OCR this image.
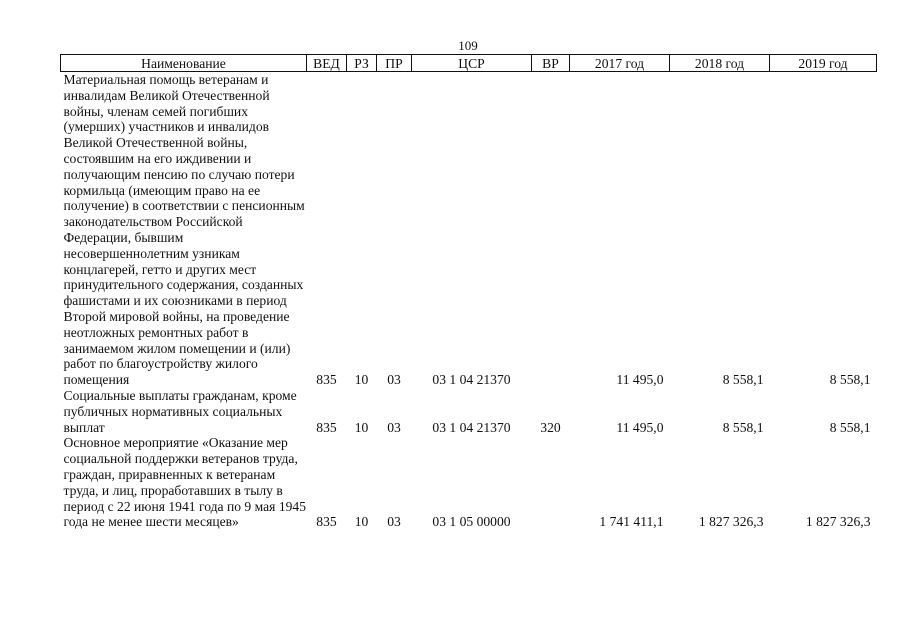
109
Наименование	ВЕД	РЗ	ПР	ЦСР	ВР	2017 год	2018 год	2019 год
Материальная помощь ветеранам и инвалидам Великой Отечественной войны, членам семей погибших (умерших) участников и инвалидов Великой Отечественной войны, состоявшим на его иждивении и получающим пенсию по случаю потери кормильца (имеющим право на ее получение) в соответствии с пенсионным законодательством Российской Федерации, бывшим несовершеннолетним узникам концлагерей, гетто и других мест принудительного содержания, созданных фашистами и их союзниками в период Второй мировой войны, на проведение неотложных ремонтных работ в занимаемом жилом помещении и (или) работ по благоустройству жилого помещения	835	10	03	03 1 04 21370		11 495,0	8 558,1	8 558,1
Социальные выплаты гражданам, кроме публичных нормативных социальных выплат	835	10	03	03 1 04 21370	320	11 495,0	8 558,1	8 558,1
Основное мероприятие «Оказание мер социальной поддержки ветеранов труда, граждан, приравненных к ветеранам труда, и лиц, проработавших в тылу в период с 22 июня 1941 года по 9 мая 1945 года не менее шести месяцев»	835	10	03	03 1 05 00000		1 741 411,1	1 827 326,3	1 827 326,3
